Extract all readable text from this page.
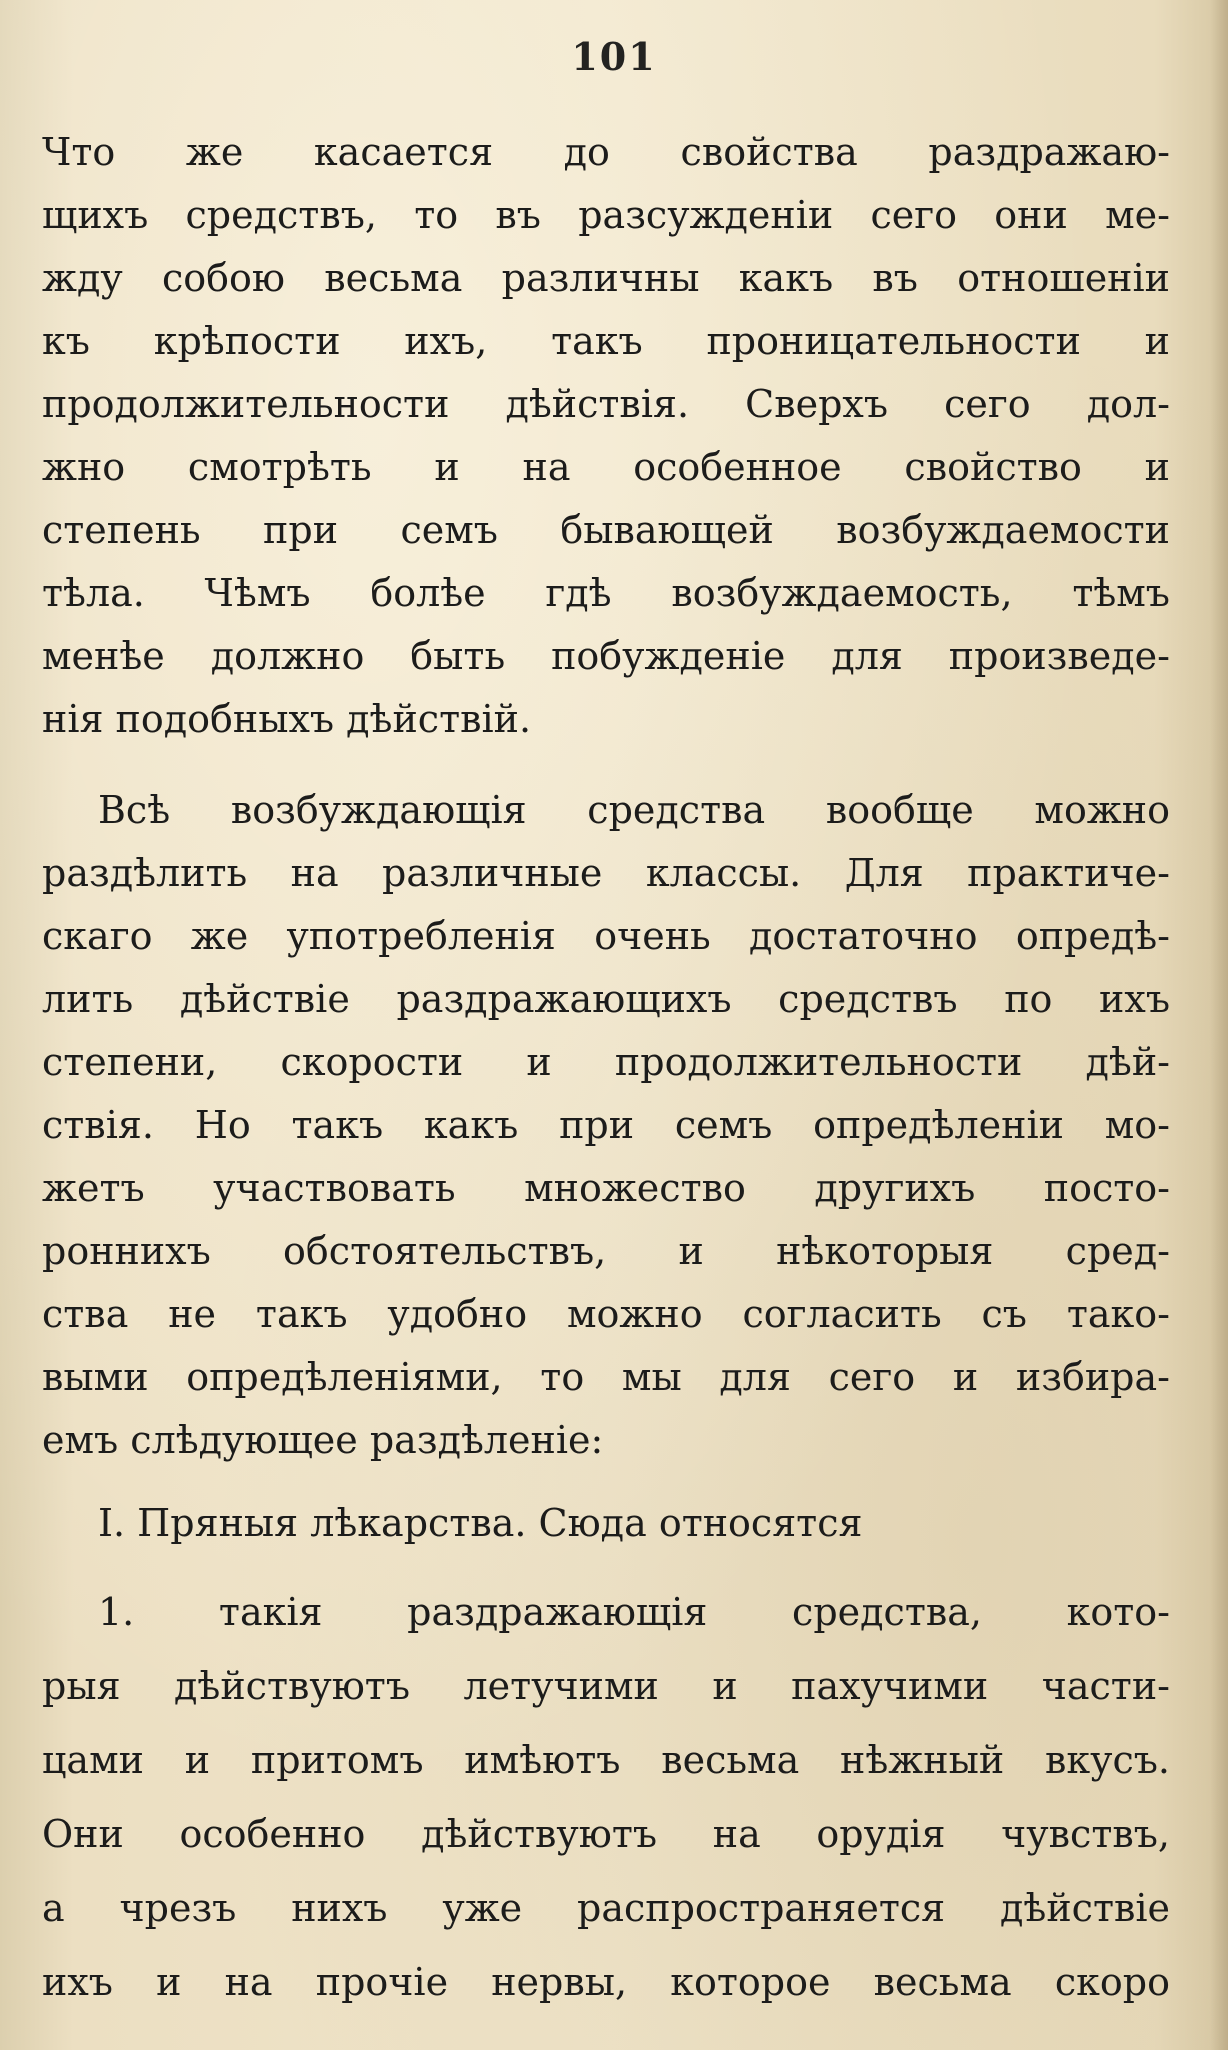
101
Что же касается до свойства раздражаю-
щихъ средствъ, то въ разсужденiи сего они ме-
жду собою весьма различны какъ въ отношенiи
къ крѣпости ихъ, такъ проницательности и
продолжительности дѣйствiя. Сверхъ сего дол-
жно смотрѣть и на особенное свойство и
степень при семъ бывающей возбуждаемости
тѣла. Чѣмъ болѣе гдѣ возбуждаемость, тѣмъ
менѣе должно быть побужденiе для произведе-
нiя подобныхъ дѣйствiй.
Всѣ возбуждающiя средства вообще можно
раздѣлить на различные классы. Для практиче-
скаго же употребленiя очень достаточно опредѣ-
лить дѣйствiе раздражающихъ средствъ по ихъ
степени, скорости и продолжительности дѣй-
ствiя. Но такъ какъ при семъ опредѣленiи мо-
жетъ участвовать множество другихъ посто-
роннихъ обстоятельствъ, и нѣкоторыя сред-
ства не такъ удобно можно согласить съ тако-
выми опредѣленiями, то мы для сего и избира-
емъ слѣдующее раздѣленiе:
I. Пряныя лѣкарства. Сюда относятся
1. такiя раздражающiя средства, кото-
рыя дѣйствуютъ летучими и пахучими части-
цами и притомъ имѣютъ весьма нѣжный вкусъ.
Они особенно дѣйствуютъ на орудiя чувствъ,
а чрезъ нихъ уже распространяется дѣйствiе
ихъ и на прочiе нервы, которое весьма скоро
